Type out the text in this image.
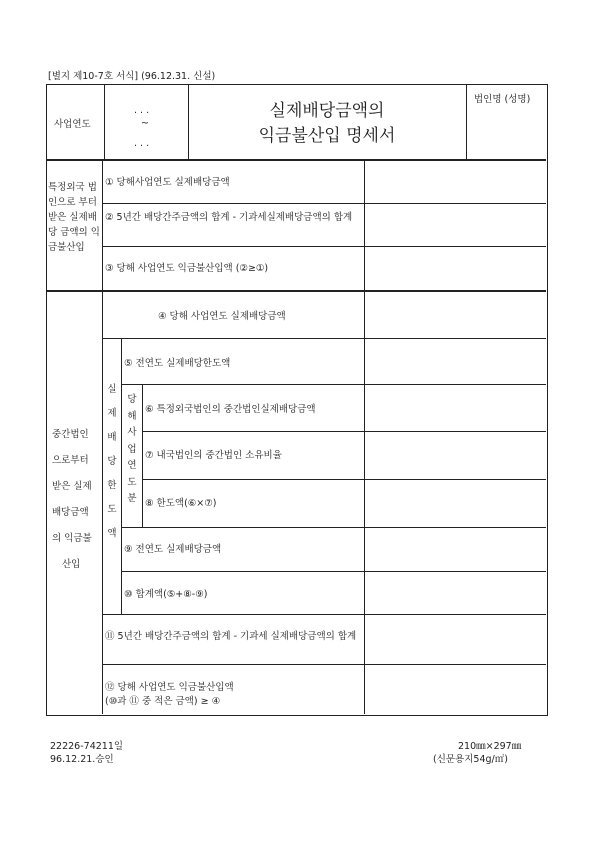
[별지 제10-7호 서식] (96.12.31. 신설)
사업연도
. . .
~
. . .
실제배당금액의
익금불산입 명세서
법인명 (성명)
특정외국 법인으로 부터 받은 실제배당 금액의 익금불산입
① 당해사업연도 실제배당금액
② 5년간 배당간주금액의 합계 - 기과세실제배당금액의 합계
③ 당해 사업연도 익금불산입액 (②≥①)
중간법인
으로부터
받은 실제
배당금액
의 익금불
산입
실
제
배
당
한
도
액
당
해
사
업
연
도
분
④ 당해 사업연도 실제배당금액
⑤ 전연도 실제배당한도액
⑥ 특정외국법인의 중간법인실제배당금액
⑦ 내국법인의 중간법인 소유비율
⑧ 한도액(⑥×⑦)
⑨ 전연도 실제배당금액
⑩ 합계액(⑤+⑧-⑨)
⑪ 5년간 배당간주금액의 합계 - 기과세 실제배당금액의 합계
⑫ 당해 사업연도 익금불산입액
(⑩과 ⑪ 중 적은 금액) ≥ ④
22226-74211일
96.12.21.승인
210㎜×297㎜
(신문용지54g/㎡)
